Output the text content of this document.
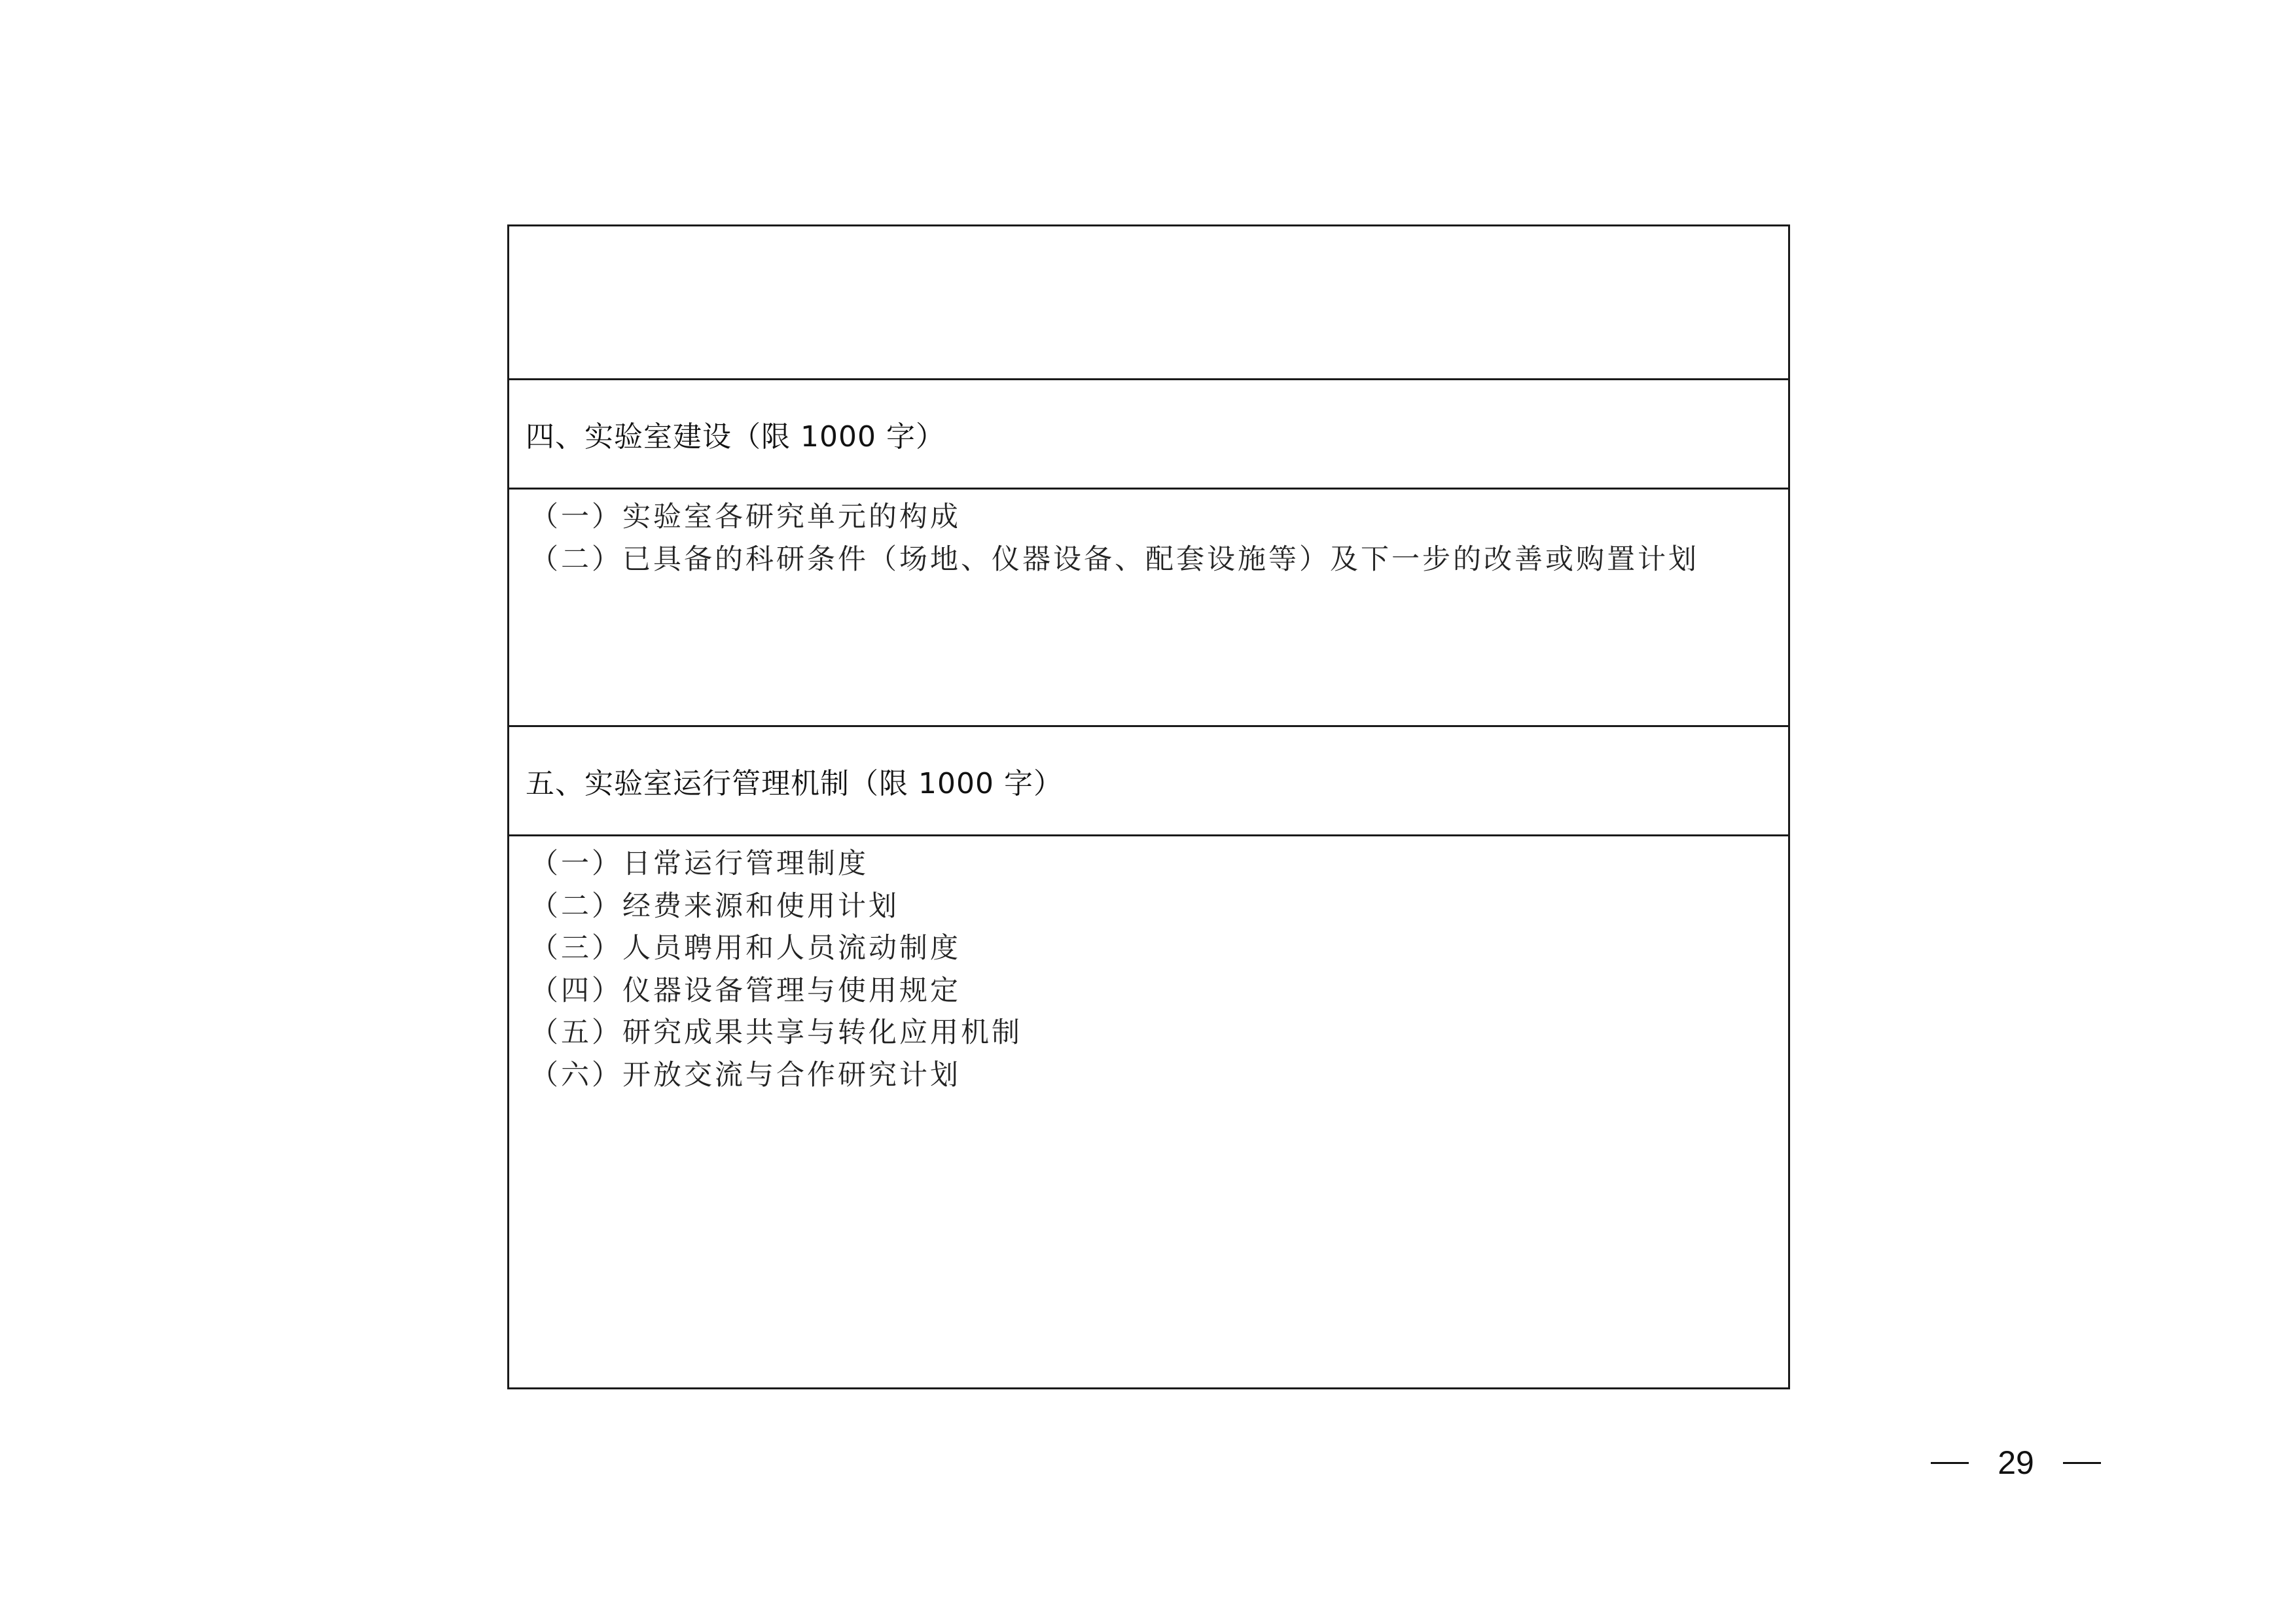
四、实验室建设（限 1000 字）
（一）实验室各研究单元的构成
（二）已具备的科研条件（场地、仪器设备、配套设施等）及下一步的改善或购置计划
五、实验室运行管理机制（限 1000 字）
（一）日常运行管理制度
（二）经费来源和使用计划
（三）人员聘用和人员流动制度
（四）仪器设备管理与使用规定
（五）研究成果共享与转化应用机制
（六）开放交流与合作研究计划
29
